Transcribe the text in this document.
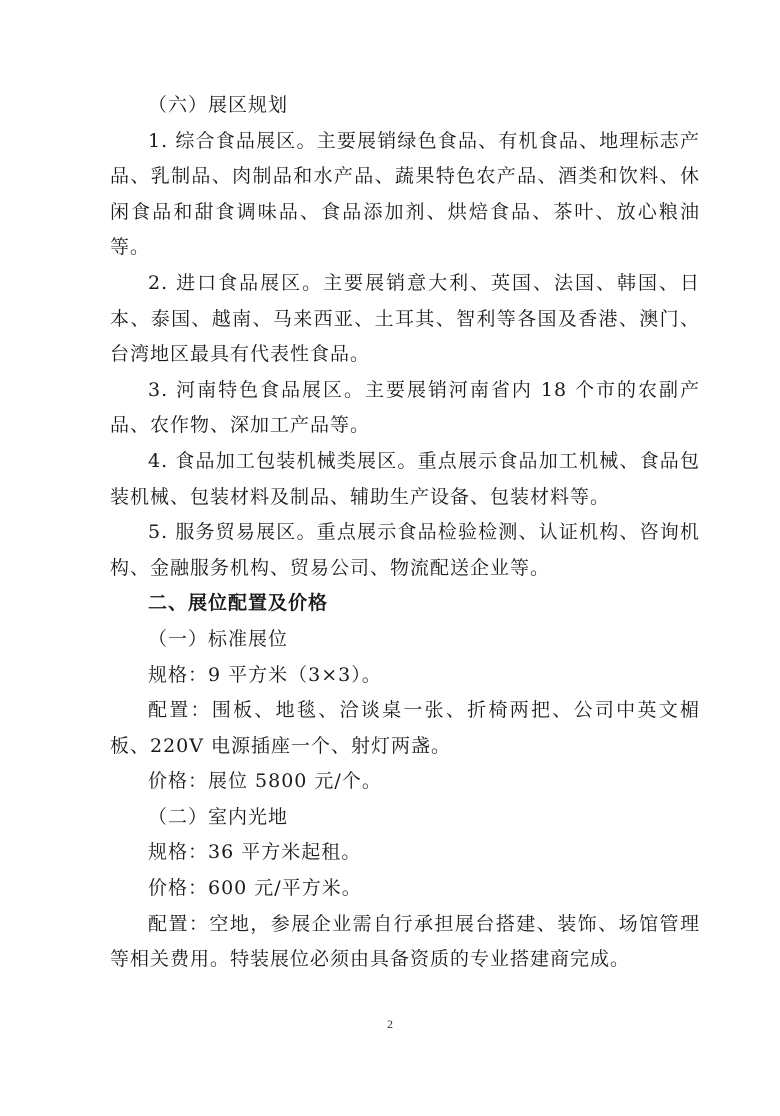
（六）展区规划

1. 综合食品展区。主要展销绿色食品、有机食品、地理标志产品、乳制品、肉制品和水产品、蔬果特色农产品、酒类和饮料、休闲食品和甜食调味品、食品添加剂、烘焙食品、茶叶、放心粮油等。

2. 进口食品展区。主要展销意大利、英国、法国、韩国、日本、泰国、越南、马来西亚、土耳其、智利等各国及香港、澳门、台湾地区最具有代表性食品。

3. 河南特色食品展区。主要展销河南省内 18 个市的农副产品、农作物、深加工产品等。

4. 食品加工包装机械类展区。重点展示食品加工机械、食品包装机械、包装材料及制品、辅助生产设备、包装材料等。

5. 服务贸易展区。重点展示食品检验检测、认证机构、咨询机构、金融服务机构、贸易公司、物流配送企业等。

二、展位配置及价格
（一）标准展位

规格：9 平方米（3×3）。

配置：围板、地毯、洽谈桌一张、折椅两把、公司中英文楣板、220V 电源插座一个、射灯两盏。

价格：展位 5800 元/个。

（二）室内光地

规格：36 平方米起租。

价格：600 元/平方米。

配置：空地，参展企业需自行承担展台搭建、装饰、场馆管理等相关费用。特装展位必须由具备资质的专业搭建商完成。

2
